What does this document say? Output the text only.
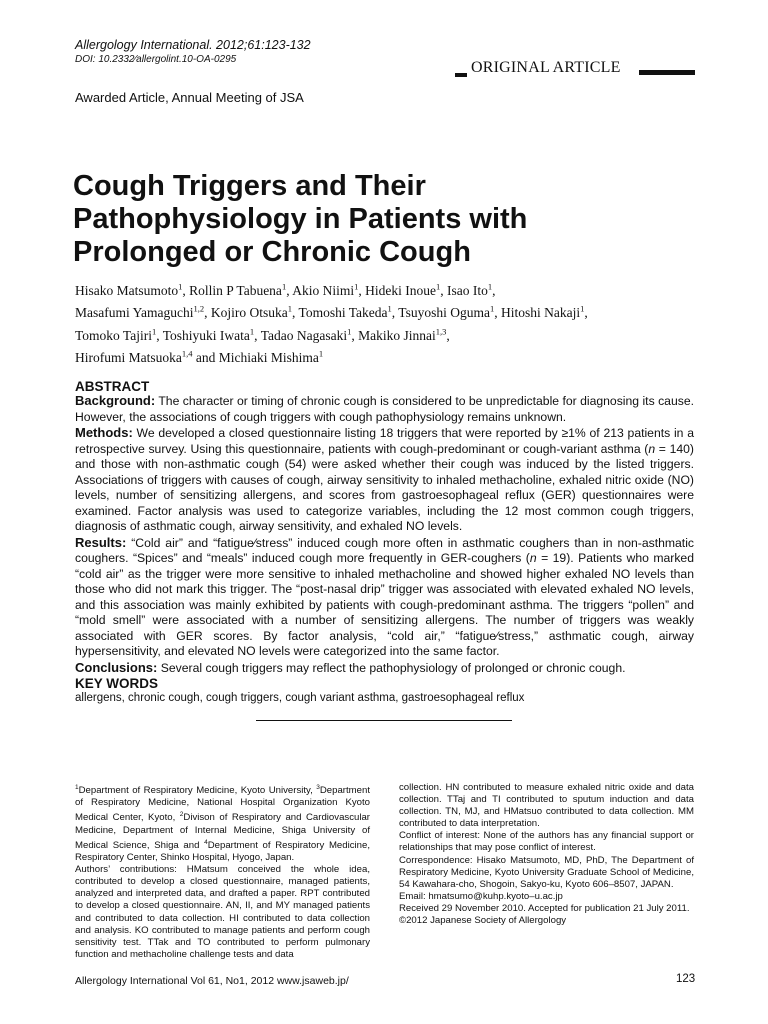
Allergology International. 2012;61:123-132
DOI: 10.2332⁄allergolint.10-OA-0295	ORIGINAL ARTICLE
Awarded Article, Annual Meeting of JSA
Cough Triggers and Their
Pathophysiology in Patients with
Prolonged or Chronic Cough
Hisako Matsumoto$^1$, Rollin P Tabuena$^1$, Akio Niimi$^1$, Hideki Inoue$^1$, Isao Ito$^1$,
Masafumi Yamaguchi$^{1,2}$, Kojiro Otsuka$^1$, Tomoshi Takeda$^1$, Tsuyoshi Oguma$^1$, Hitoshi Nakaji$^1$,
Tomoko Tajiri$^1$, Toshiyuki Iwata$^1$, Tadao Nagasaki$^1$, Makiko Jinnai$^{1,3}$,
Hirofumi Matsuoka$^{1,4}$ and Michiaki Mishima$^1$
ABSTRACT

Background: The character or timing of chronic cough is considered to be unpredictable for diagnosing its cause. However, the associations of cough triggers with cough pathophysiology remains unknown.

Methods: We developed a closed questionnaire listing 18 triggers that were reported by ≥1% of 213 patients in a retrospective survey. Using this questionnaire, patients with cough-predominant or cough-variant asthma (n = 140) and those with non-asthmatic cough (54) were asked whether their cough was induced by the listed triggers. Associations of triggers with causes of cough, airway sensitivity to inhaled methacholine, exhaled nitric oxide (NO) levels, number of sensitizing allergens, and scores from gastroesophageal reflux (GER) questionnaires were examined. Factor analysis was used to categorize variables, including the 12 most common cough triggers, diagnosis of asthmatic cough, airway sensitivity, and exhaled NO levels.

Results: “Cold air” and “fatigue⁄stress” induced cough more often in asthmatic coughers than in non-asthmatic coughers. “Spices” and “meals” induced cough more frequently in GER-coughers (n = 19). Patients who marked “cold air” as the trigger were more sensitive to inhaled methacholine and showed higher exhaled NO levels than those who did not mark this trigger. The “post-nasal drip” trigger was associated with elevated exhaled NO levels, and this association was mainly exhibited by patients with cough-predominant asthma. The triggers “pollen” and “mold smell” were associated with a number of sensitizing allergens. The number of triggers was weakly associated with GER scores. By factor analysis, “cold air,” “fatigue⁄stress,” asthmatic cough, airway hypersensitivity, and elevated NO levels were categorized into the same factor.

Conclusions: Several cough triggers may reflect the pathophysiology of prolonged or chronic cough.

KEY WORDS
allergens, chronic cough, cough triggers, cough variant asthma, gastroesophageal reflux

$^1$Department of Respiratory Medicine, Kyoto University, $^3$Department of Respiratory Medicine, National Hospital Organization Kyoto Medical Center, Kyoto, $^2$Divison of Respiratory and Cardiovascular Medicine, Department of Internal Medicine, Shiga University of Medical Science, Shiga and $^4$Department of Respiratory Medicine, Respiratory Center, Shinko Hospital, Hyogo, Japan.

Authors’ contributions: HMatsum conceived the whole idea, contributed to develop a closed questionnaire, managed patients, analyzed and interpreted data, and drafted a paper. RPT contributed to develop a closed questionnaire. AN, II, and MY managed patients and contributed to data collection. HI contributed to data collection and analysis. KO contributed to manage patients and perform cough sensitivity test. TTak and TO contributed to perform pulmonary function and methacholine challenge tests and data

collection. HN contributed to measure exhaled nitric oxide and data collection. TTaj and TI contributed to sputum induction and data collection. TN, MJ, and HMatsuo contributed to data collection. MM contributed to data interpretation.

Conflict of interest: None of the authors has any financial support or relationships that may pose conflict of interest.

Correspondence: Hisako Matsumoto, MD, PhD, The Department of Respiratory Medicine, Kyoto University Graduate School of Medicine, 54 Kawahara-cho, Shogoin, Sakyo-ku, Kyoto 606–8507, JAPAN.

Email: hmatsumo@kuhp.kyoto–u.ac.jp

Received 29 November 2010. Accepted for publication 21 July 2011.

©2012 Japanese Society of Allergology

Allergology International Vol 61, No1, 2012 www.jsaweb.jp/	123
